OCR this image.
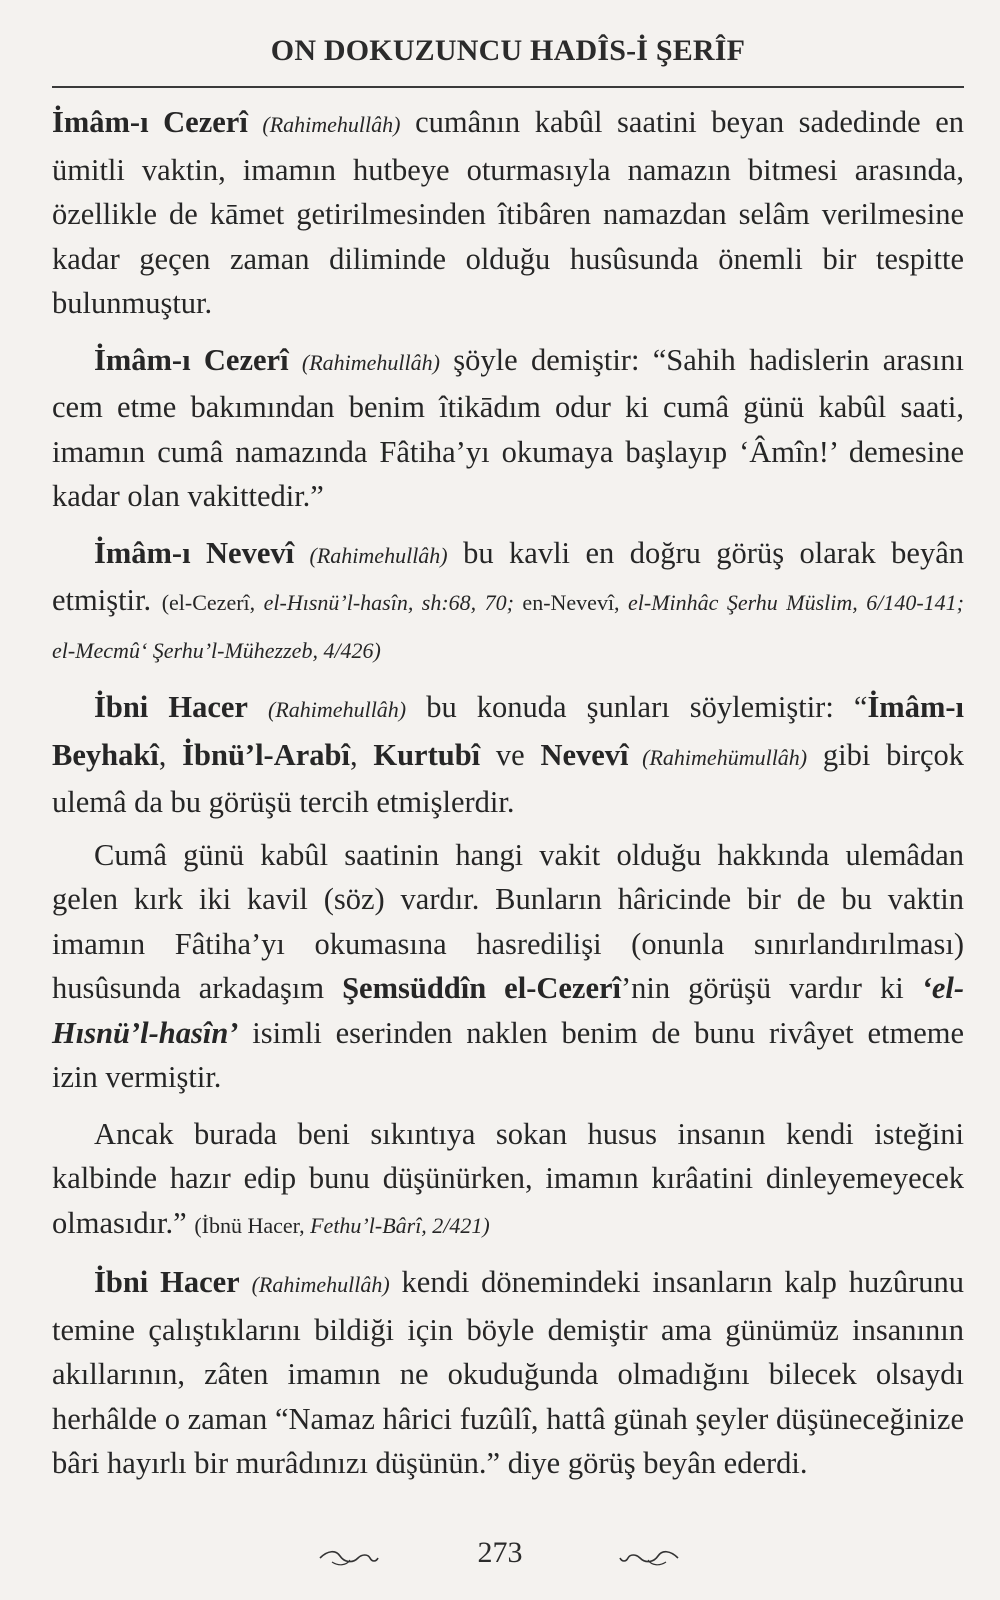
ON DOKUZUNCU HADÎS-İ ŞERÎF

İmâm-ı Cezerî (Rahimehullâh) cumânın kabûl saatini beyan sadedinde en ümitli vaktin, imamın hutbeye oturmasıyla namazın bitmesi arasında, özellikle de kāmet getirilmesinden îtibâren namazdan selâm verilmesine kadar geçen zaman diliminde olduğu husûsunda önemli bir tespitte bulunmuştur.

İmâm-ı Cezerî (Rahimehullâh) şöyle demiştir: “Sahih hadislerin arasını cem etme bakımından benim îtikādım odur ki cumâ günü kabûl saati, imamın cumâ namazında Fâtiha’yı okumaya başlayıp ‘Âmîn!’ demesine kadar olan vakittedir.”

İmâm-ı Nevevî (Rahimehullâh) bu kavli en doğru görüş olarak beyân etmiştir. (el-Cezerî, el-Hısnü’l-hasîn, sh:68, 70; en-Nevevî, el-Minhâc Şerhu Müslim, 6/140-141; el-Mecmû‘ Şerhu’l-Mühezzeb, 4/426)

İbni Hacer (Rahimehullâh) bu konuda şunları söylemiştir: “İmâm-ı Beyhakî, İbnü’l-Arabî, Kurtubî ve Nevevî (Rahimehümullâh) gibi birçok ulemâ da bu görüşü tercih etmişlerdir.

Cumâ günü kabûl saatinin hangi vakit olduğu hakkında ulemâdan gelen kırk iki kavil (söz) vardır. Bunların hâricinde bir de bu vaktin imamın Fâtiha’yı okumasına hasredilişi (onunla sınırlandırılması) husûsunda arkadaşım Şemsüddîn el-Cezerî’nin görüşü vardır ki ‘el-Hısnü’l-hasîn’ isimli eserinden naklen benim de bunu rivâyet etmeme izin vermiştir.

Ancak burada beni sıkıntıya sokan husus insanın kendi isteğini kalbinde hazır edip bunu düşünürken, imamın kırâatini dinleyemeyecek olmasıdır.” (İbnü Hacer, Fethu’l-Bârî, 2/421)

İbni Hacer (Rahimehullâh) kendi dönemindeki insanların kalp huzûrunu temine çalıştıklarını bildiği için böyle demiştir ama günümüz insanının akıllarının, zâten imamın ne okuduğunda olmadığını bilecek olsaydı herhâlde o zaman “Namaz hârici fuzûlî, hattâ günah şeyler düşüneceğinize bâri hayırlı bir murâdınızı düşünün.” diye görüş beyân ederdi.

273
